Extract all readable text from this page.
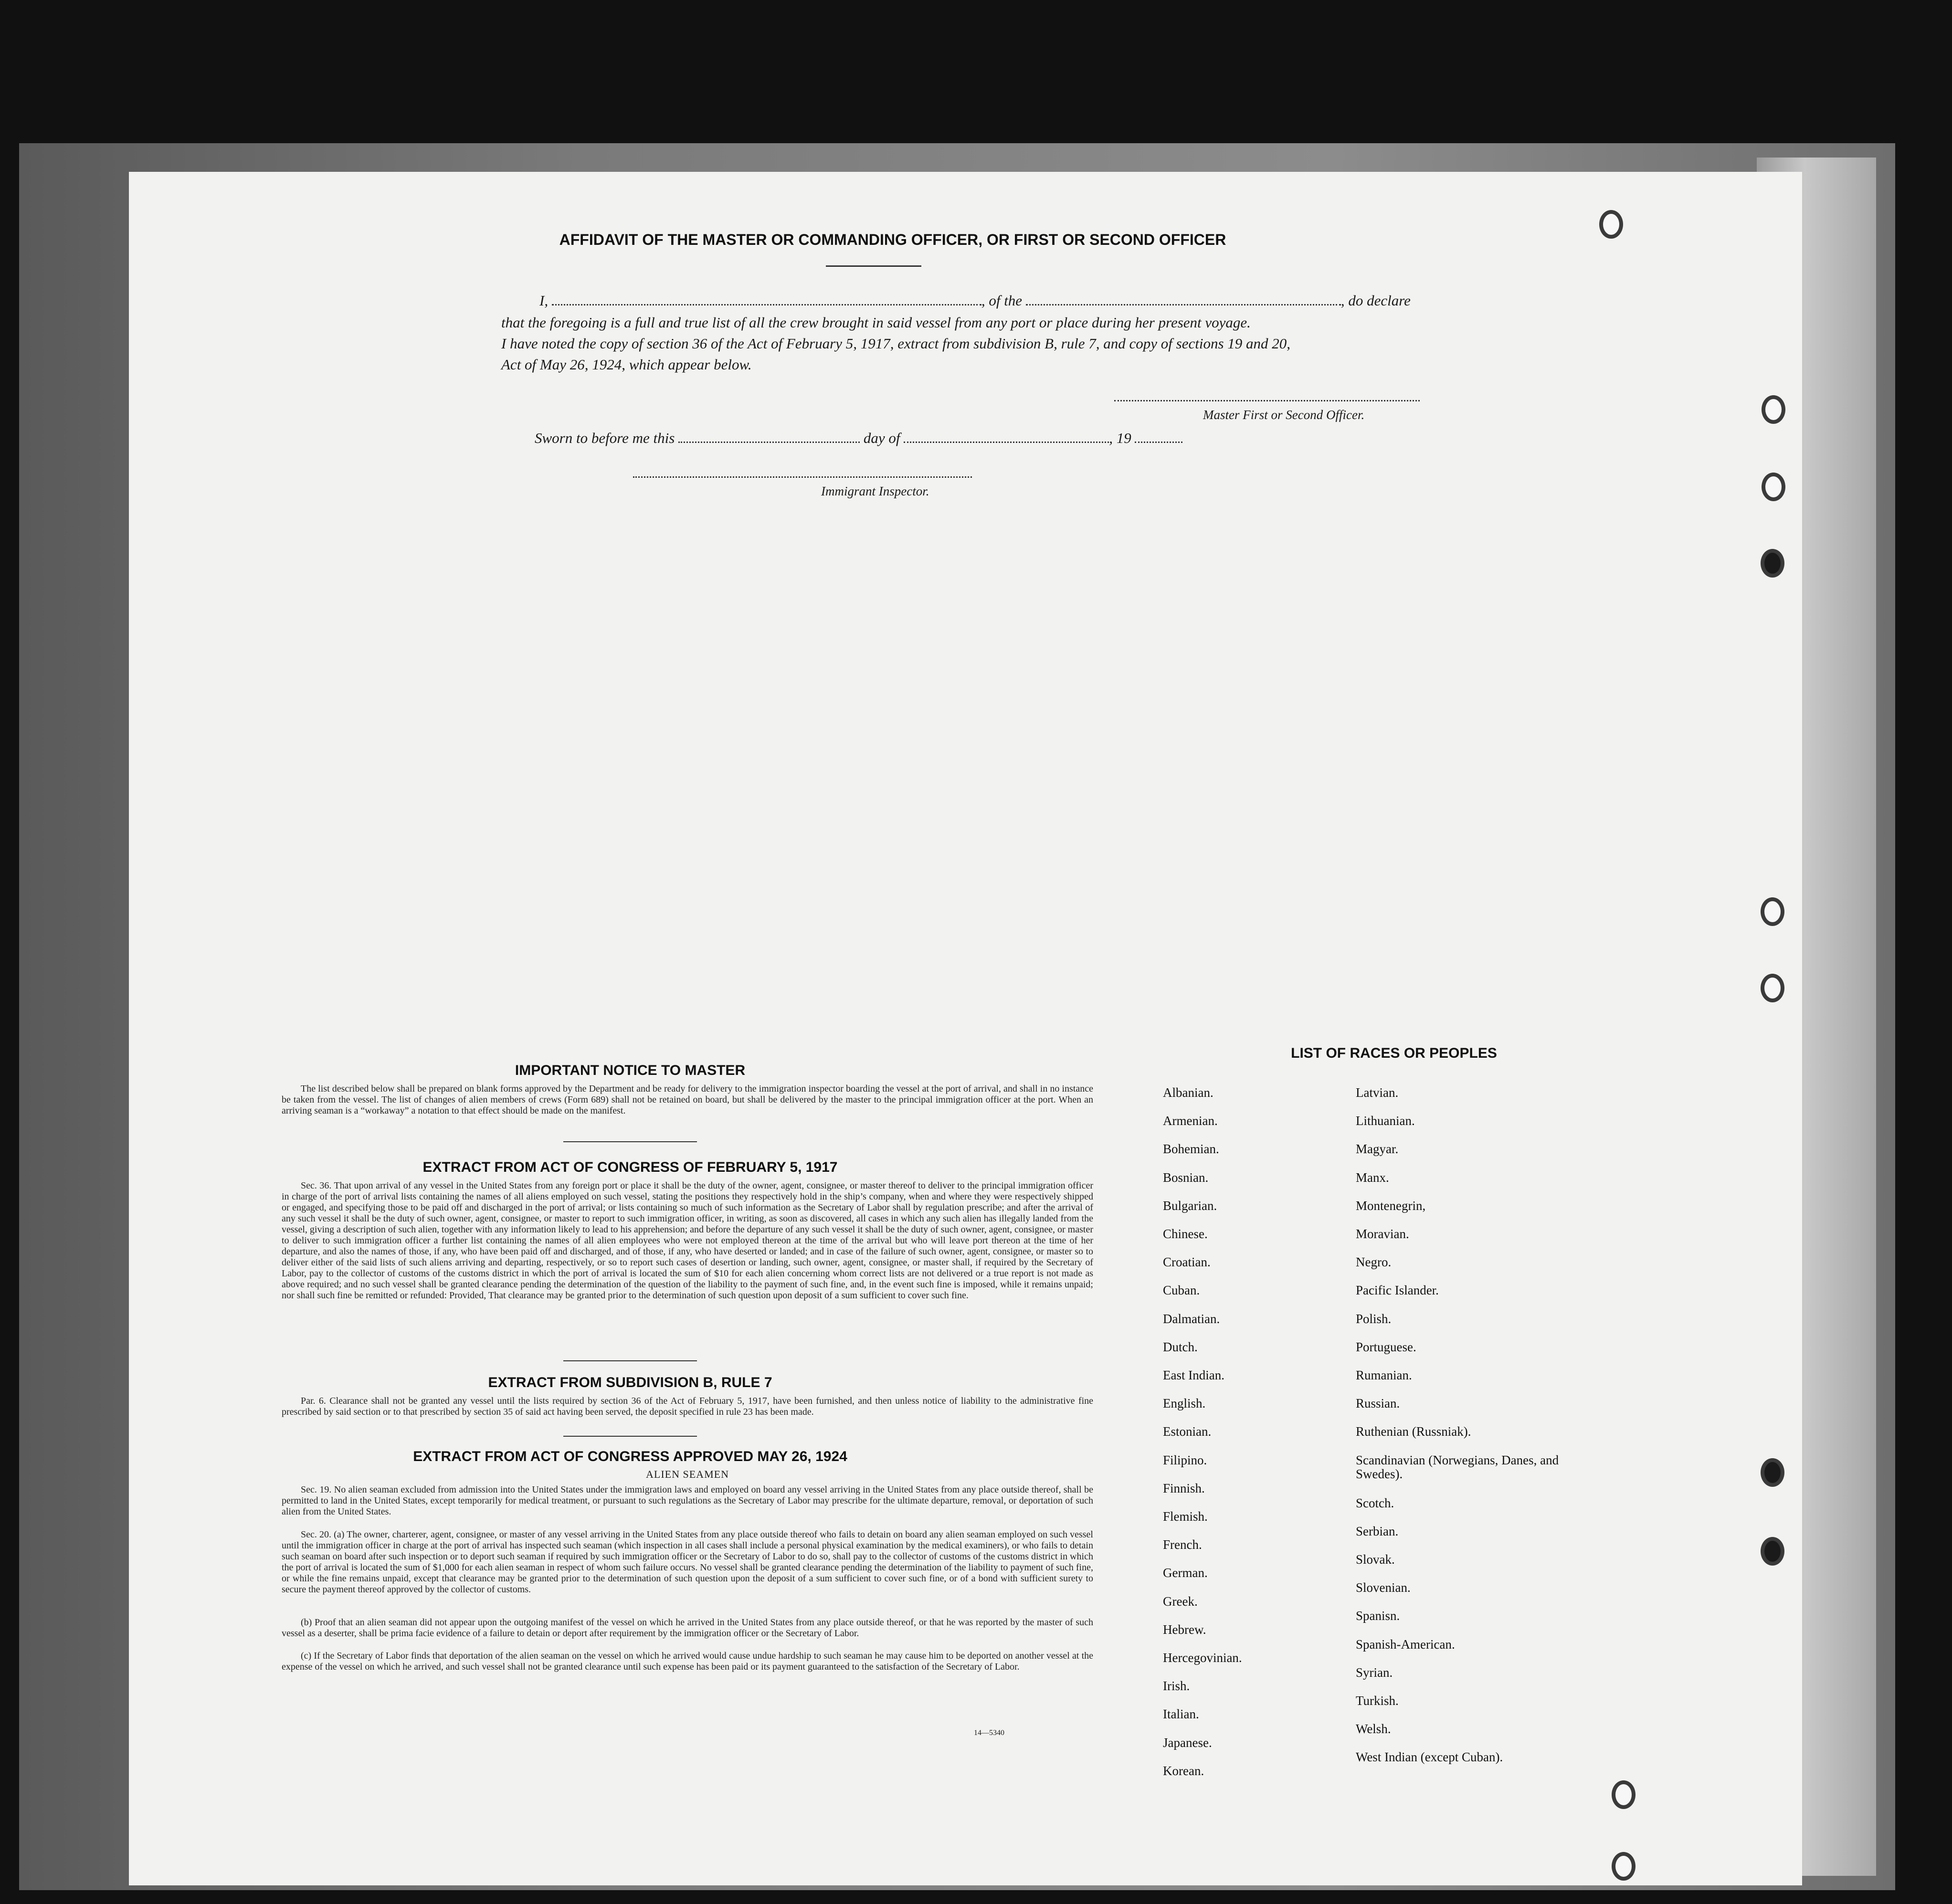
AFFIDAVIT OF THE MASTER OR COMMANDING OFFICER, OR FIRST OR SECOND OFFICER
I,	, of the	, do declare
that the foregoing is a full and true list of all the crew brought in said vessel from any port or place during her present voyage.
I have noted the copy of section 36 of the Act of February 5, 1917, extract from subdivision B, rule 7, and copy of sections 19 and 20,
Act of May 26, 1924, which appear below.
Master First or Second Officer.
Sworn to before me this	day of	, 19
Immigrant Inspector.
IMPORTANT NOTICE TO MASTER
The list described below shall be prepared on blank forms approved by the Department and be ready for delivery to the immigration inspector boarding the vessel at the port of arrival, and shall in no instance be taken from the vessel. The list of changes of alien members of crews (Form 689) shall not be retained on board, but shall be delivered by the master to the principal immigration officer at the port. When an arriving seaman is a “workaway” a notation to that effect should be made on the manifest.
EXTRACT FROM ACT OF CONGRESS OF FEBRUARY 5, 1917
Sec. 36. That upon arrival of any vessel in the United States from any foreign port or place it shall be the duty of the owner, agent, consignee, or master thereof to deliver to the principal immigration officer in charge of the port of arrival lists containing the names of all aliens employed on such vessel, stating the positions they respectively hold in the ship’s company, when and where they were respectively shipped or engaged, and specifying those to be paid off and discharged in the port of arrival; or lists containing so much of such information as the Secretary of Labor shall by regulation prescribe; and after the arrival of any such vessel it shall be the duty of such owner, agent, consignee, or master to report to such immigration officer, in writing, as soon as discovered, all cases in which any such alien has illegally landed from the vessel, giving a description of such alien, together with any information likely to lead to his apprehension; and before the departure of any such vessel it shall be the duty of such owner, agent, consignee, or master to deliver to such immigration officer a further list containing the names of all alien employees who were not employed thereon at the time of the arrival but who will leave port thereon at the time of her departure, and also the names of those, if any, who have been paid off and discharged, and of those, if any, who have deserted or landed; and in case of the failure of such owner, agent, consignee, or master so to deliver either of the said lists of such aliens arriving and departing, respectively, or so to report such cases of desertion or landing, such owner, agent, consignee, or master shall, if required by the Secretary of Labor, pay to the collector of customs of the customs district in which the port of arrival is located the sum of $10 for each alien concerning whom correct lists are not delivered or a true report is not made as above required; and no such vessel shall be granted clearance pending the determination of the question of the liability to the payment of such fine, and, in the event such fine is imposed, while it remains unpaid; nor shall such fine be remitted or refunded: Provided, That clearance may be granted prior to the determination of such question upon deposit of a sum sufficient to cover such fine.
EXTRACT FROM SUBDIVISION B, RULE 7
Par. 6. Clearance shall not be granted any vessel until the lists required by section 36 of the Act of February 5, 1917, have been furnished, and then unless notice of liability to the administrative fine prescribed by said section or to that prescribed by section 35 of said act having been served, the deposit specified in rule 23 has been made.
EXTRACT FROM ACT OF CONGRESS APPROVED MAY 26, 1924
ALIEN SEAMEN
Sec. 19. No alien seaman excluded from admission into the United States under the immigration laws and employed on board any vessel arriving in the United States from any place outside thereof, shall be permitted to land in the United States, except temporarily for medical treatment, or pursuant to such regulations as the Secretary of Labor may prescribe for the ultimate departure, removal, or deportation of such alien from the United States.
Sec. 20. (a) The owner, charterer, agent, consignee, or master of any vessel arriving in the United States from any place outside thereof who fails to detain on board any alien seaman employed on such vessel until the immigration officer in charge at the port of arrival has inspected such seaman (which inspection in all cases shall include a personal physical examination by the medical examiners), or who fails to detain such seaman on board after such inspection or to deport such seaman if required by such immigration officer or the Secretary of Labor to do so, shall pay to the collector of customs of the customs district in which the port of arrival is located the sum of $1,000 for each alien seaman in respect of whom such failure occurs. No vessel shall be granted clearance pending the determination of the liability to payment of such fine, or while the fine remains unpaid, except that clearance may be granted prior to the determination of such question upon the deposit of a sum sufficient to cover such fine, or of a bond with sufficient surety to secure the payment thereof approved by the collector of customs.
(b) Proof that an alien seaman did not appear upon the outgoing manifest of the vessel on which he arrived in the United States from any place outside thereof, or that he was reported by the master of such vessel as a deserter, shall be prima facie evidence of a failure to detain or deport after requirement by the immigration officer or the Secretary of Labor.
(c) If the Secretary of Labor finds that deportation of the alien seaman on the vessel on which he arrived would cause undue hardship to such seaman he may cause him to be deported on another vessel at the expense of the vessel on which he arrived, and such vessel shall not be granted clearance until such expense has been paid or its payment guaranteed to the satisfaction of the Secretary of Labor.
14—5340
LIST OF RACES OR PEOPLES
Albanian.
Armenian.
Bohemian.
Bosnian.
Bulgarian.
Chinese.
Croatian.
Cuban.
Dalmatian.
Dutch.
East Indian.
English.
Estonian.
Filipino.
Finnish.
Flemish.
French.
German.
Greek.
Hebrew.
Hercegovinian.
Irish.
Italian.
Japanese.
Korean.
Latvian.
Lithuanian.
Magyar.
Manx.
Montenegrin,
Moravian.
Negro.
Pacific Islander.
Polish.
Portuguese.
Rumanian.
Russian.
Ruthenian (Russniak).
Scandinavian (Norwegians, Danes, and Swedes).
Scotch.
Serbian.
Slovak.
Slovenian.
Spanisn.
Spanish-American.
Syrian.
Turkish.
Welsh.
West Indian (except Cuban).
